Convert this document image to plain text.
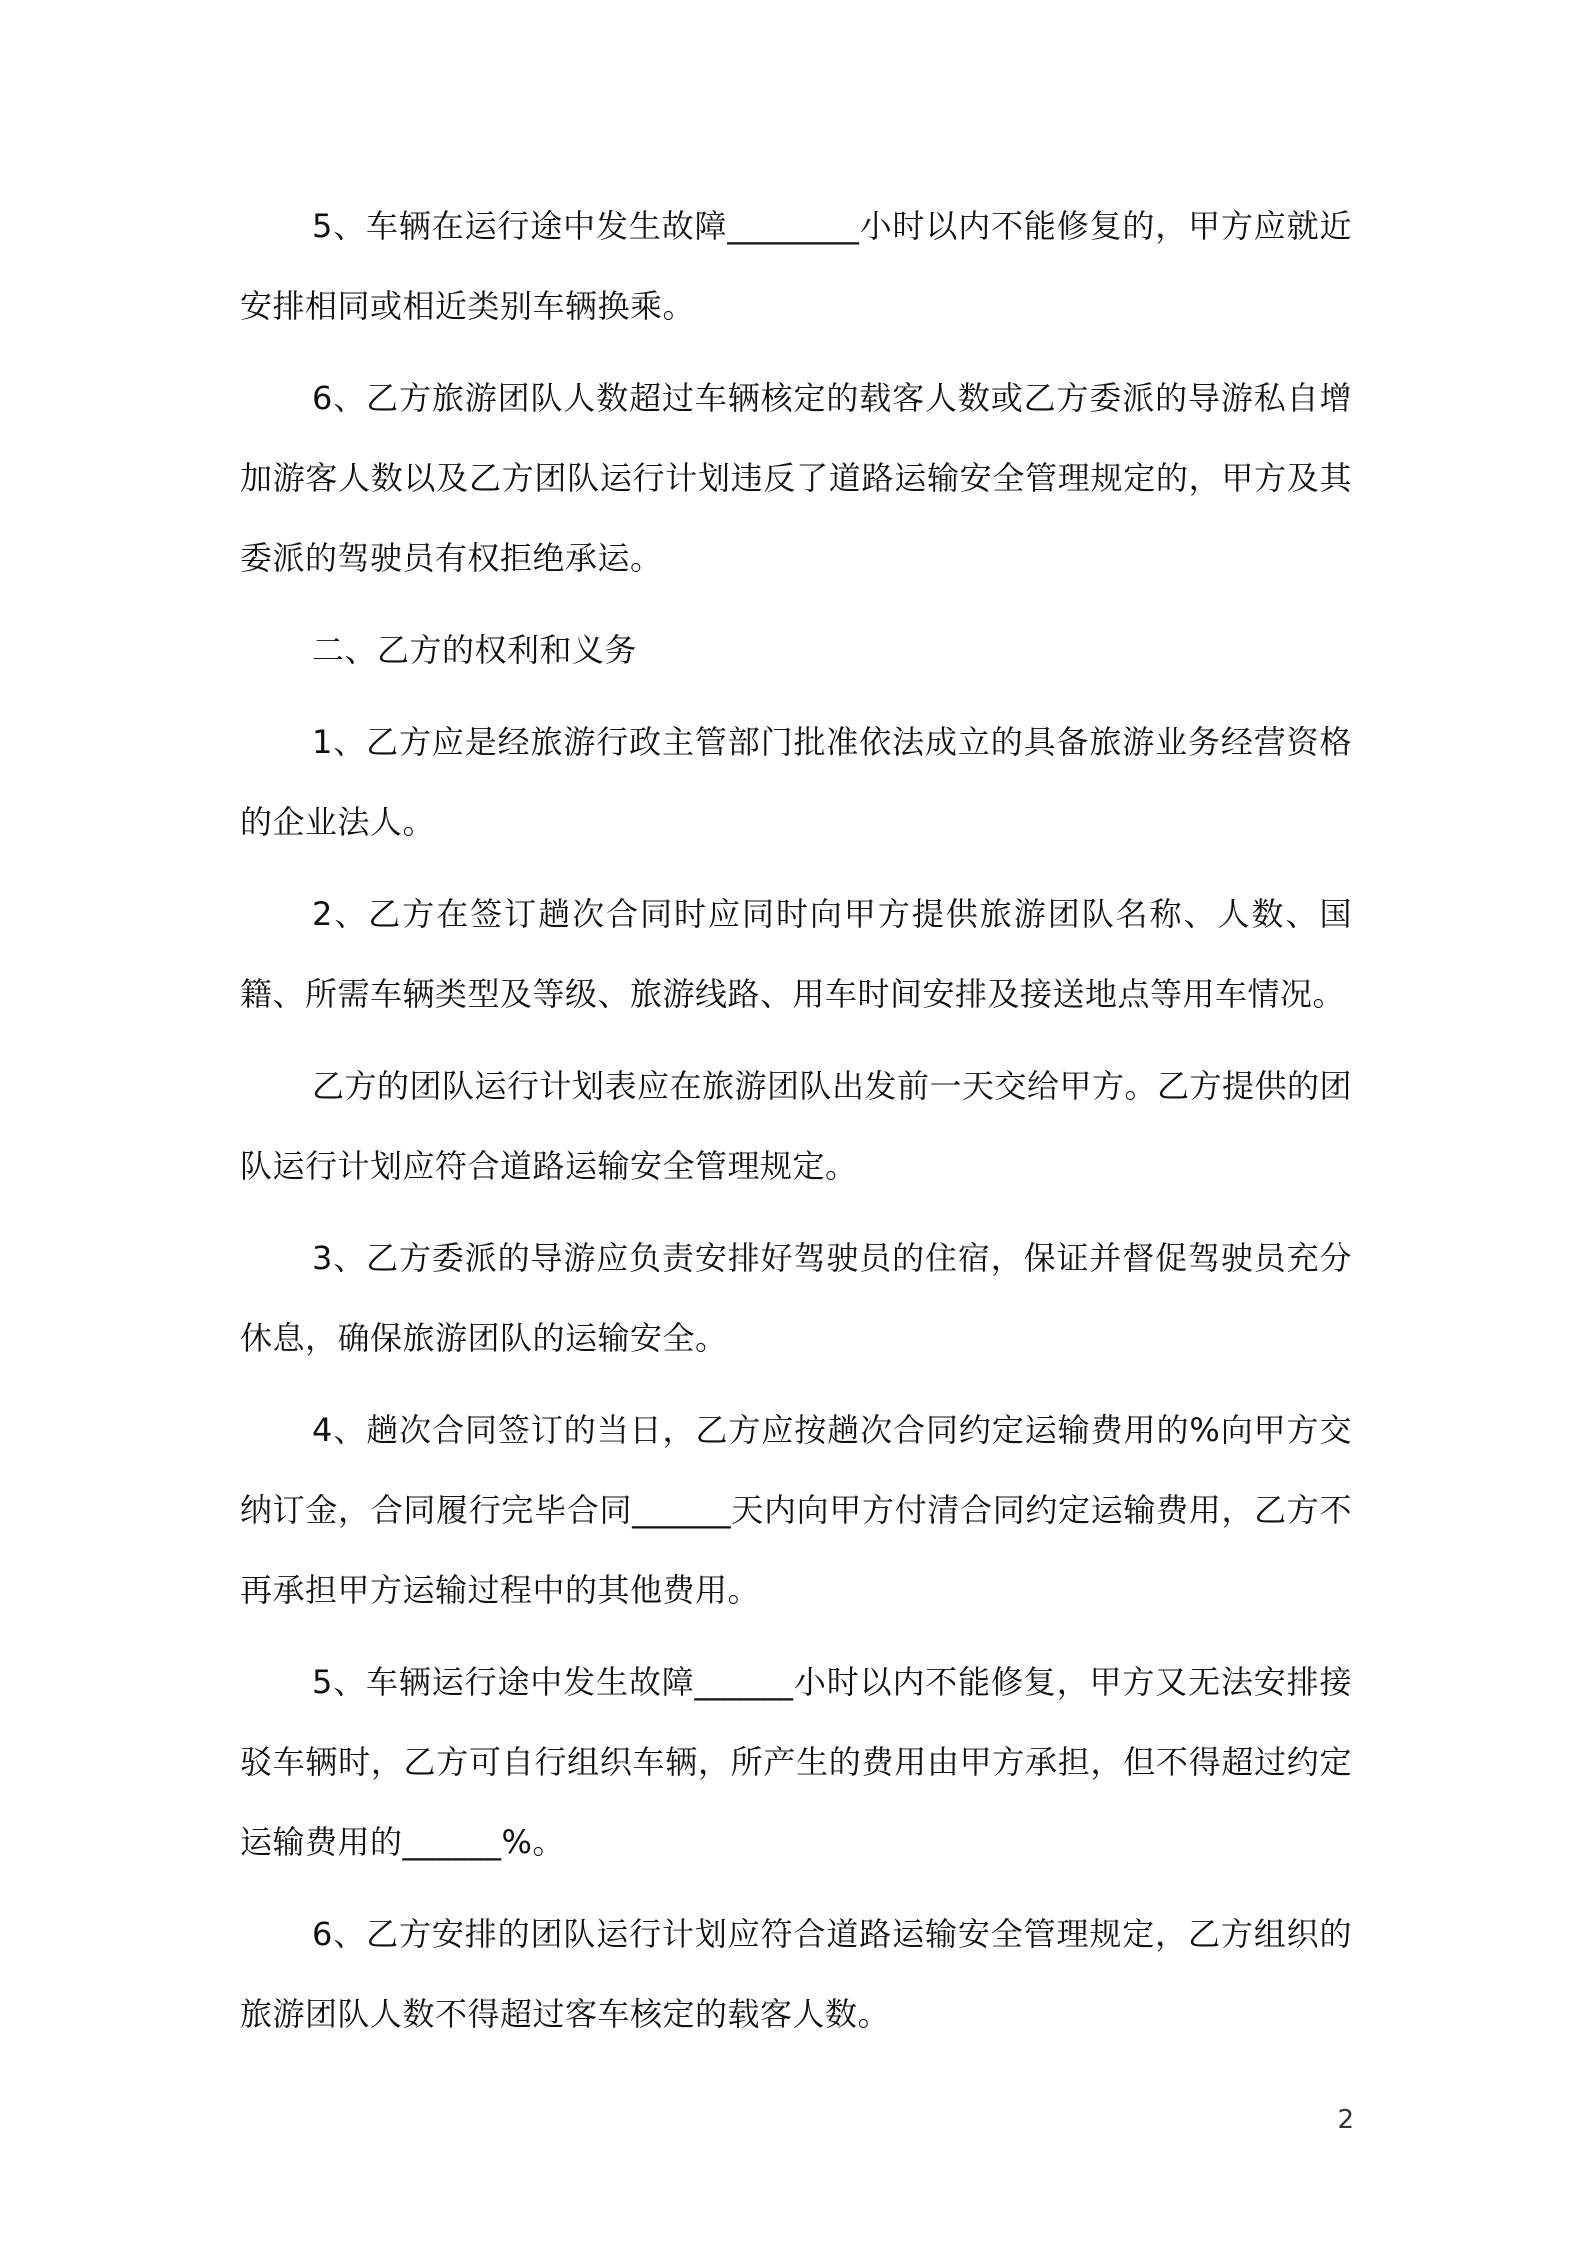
5、车辆在运行途中发生故障________小时以内不能修复的，甲方应就近安排相同或相近类别车辆换乘。

6、乙方旅游团队人数超过车辆核定的载客人数或乙方委派的导游私自增加游客人数以及乙方团队运行计划违反了道路运输安全管理规定的，甲方及其委派的驾驶员有权拒绝承运。

二、乙方的权利和义务

1、乙方应是经旅游行政主管部门批准依法成立的具备旅游业务经营资格的企业法人。

2、乙方在签订趟次合同时应同时向甲方提供旅游团队名称、人数、国籍、所需车辆类型及等级、旅游线路、用车时间安排及接送地点等用车情况。

乙方的团队运行计划表应在旅游团队出发前一天交给甲方。乙方提供的团队运行计划应符合道路运输安全管理规定。

3、乙方委派的导游应负责安排好驾驶员的住宿，保证并督促驾驶员充分休息，确保旅游团队的运输安全。

4、趟次合同签订的当日，乙方应按趟次合同约定运输费用的%向甲方交纳订金，合同履行完毕合同______天内向甲方付清合同约定运输费用，乙方不再承担甲方运输过程中的其他费用。

5、车辆运行途中发生故障______小时以内不能修复，甲方又无法安排接驳车辆时，乙方可自行组织车辆，所产生的费用由甲方承担，但不得超过约定运输费用的______%。

6、乙方安排的团队运行计划应符合道路运输安全管理规定，乙方组织的旅游团队人数不得超过客车核定的载客人数。

2
